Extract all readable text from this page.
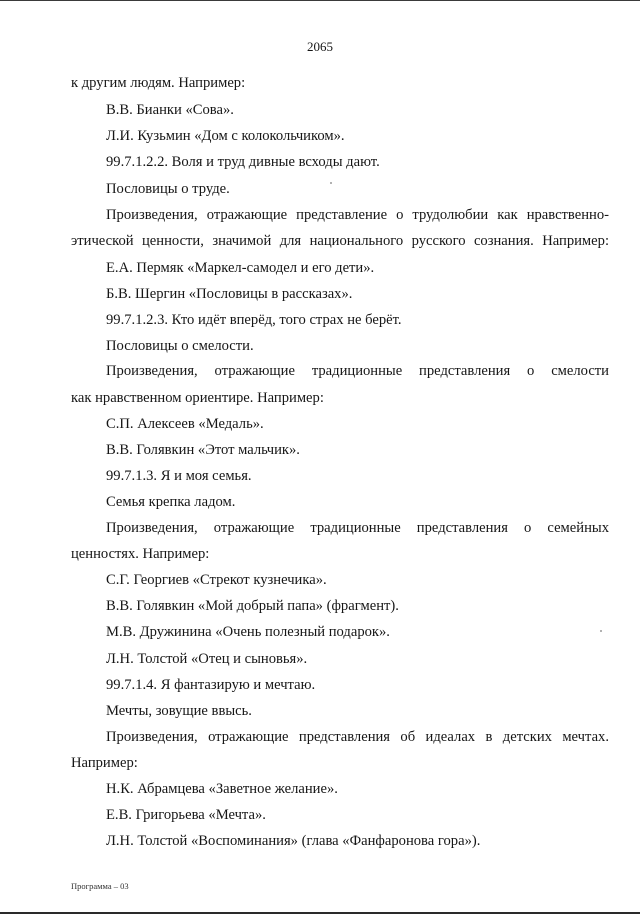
2065
к другим людям. Например:
В.В. Бианки «Сова».
Л.И. Кузьмин «Дом с колокольчиком».
99.7.1.2.2. Воля и труд дивные всходы дают.
Пословицы о труде.
Произведения, отражающие представление о трудолюбии как нравственно-
этической ценности, значимой для национального русского сознания. Например:
Е.А. Пермяк «Маркел-самодел и его дети».
Б.В. Шергин «Пословицы в рассказах».
99.7.1.2.3. Кто идёт вперёд, того страх не берёт.
Пословицы о смелости.
Произведения, отражающие традиционные представления о смелости
как нравственном ориентире. Например:
С.П. Алексеев «Медаль».
В.В. Голявкин «Этот мальчик».
99.7.1.3. Я и моя семья.
Семья крепка ладом.
Произведения, отражающие традиционные представления о семейных
ценностях. Например:
С.Г. Георгиев «Стрекот кузнечика».
В.В. Голявкин «Мой добрый папа» (фрагмент).
М.В. Дружинина «Очень полезный подарок».
Л.Н. Толстой «Отец и сыновья».
99.7.1.4. Я фантазирую и мечтаю.
Мечты, зовущие ввысь.
Произведения, отражающие представления об идеалах в детских мечтах.
Например:
Н.К. Абрамцева «Заветное желание».
Е.В. Григорьева «Мечта».
Л.Н. Толстой «Воспоминания» (глава «Фанфаронова гора»).
Программа – 03
